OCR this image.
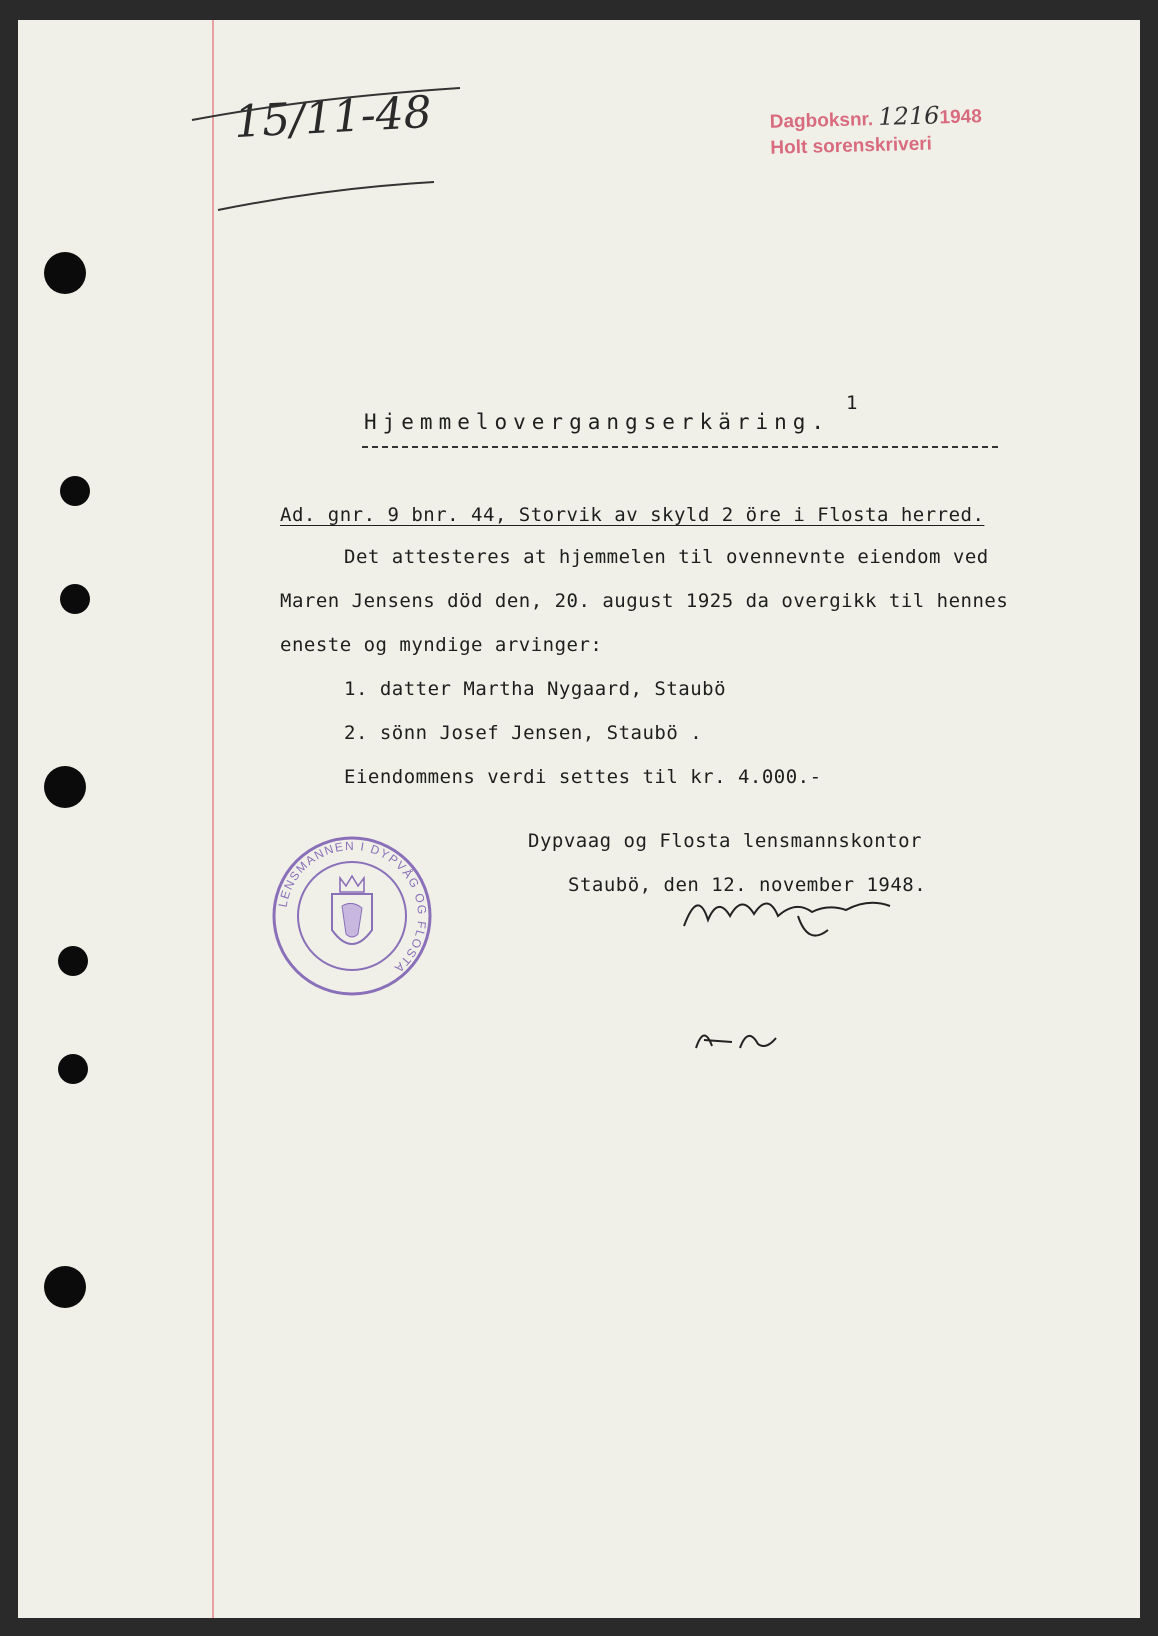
15/11-48	Dagboksnr. 12161948
Holt sorenskriveri
1
Hjemmelovergangserkäring.
Ad. gnr. 9 bnr. 44, Storvik av skyld 2 öre i Flosta herred.
Det attesteres at hjemmelen til ovennevnte eiendom ved
Maren Jensens död den, 20. august 1925 da overgikk til hennes
eneste og myndige arvinger:
1. datter Martha Nygaard, Staubö
2. sönn Josef Jensen, Staubö .
Eiendommens verdi settes til kr. 4.000.-
Dypvaag og Flosta lensmannskontor
Staubö, den 12. november 1948.
LENSMANNEN I DYPVÅG OG FLOSTA
